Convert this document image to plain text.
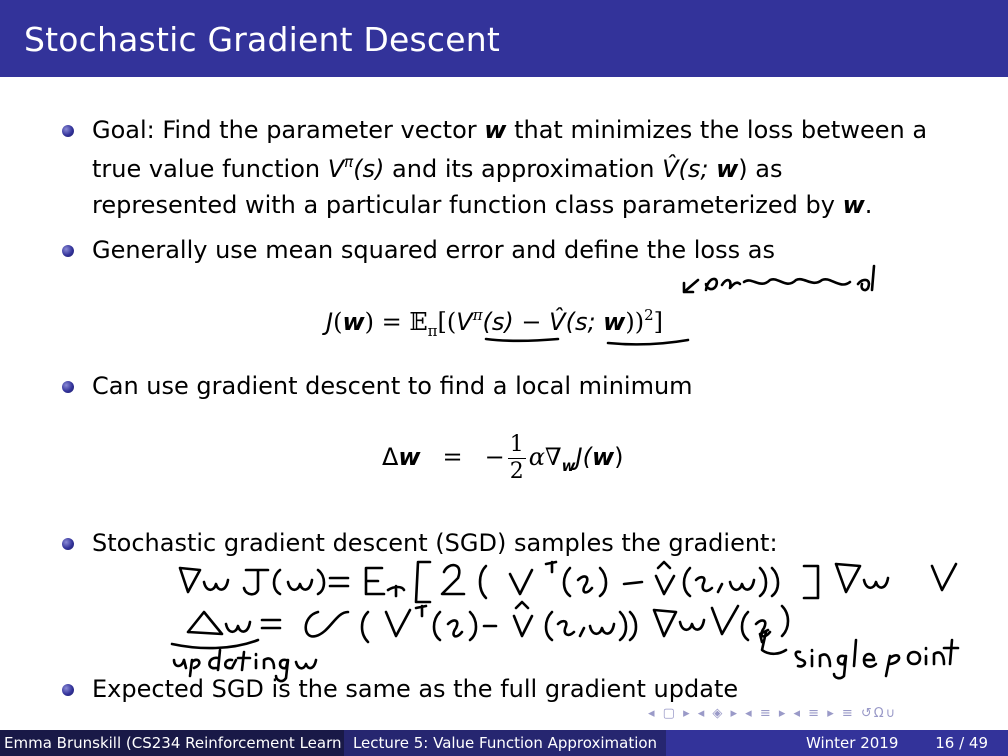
Stochastic Gradient Descent
Goal: Find the parameter vector w that minimizes the loss between a
true value function $V^\pi(s)$ and its approximation V̂(s; w) as
represented with a particular function class parameterized by w.
Generally use mean squared error and define the loss as
$J(w) = 𝔼_\pi[(V^\pi(s)$ − V̂(s; w))$^2$]
Can use gradient descent to find a local minimum
Δw = − $\frac{1}{2} \alpha\nabla_wJ(w)$
Stochastic gradient descent (SGD) samples the gradient:
Expected SGD is the same as the full gradient update
◂ ▢ ▸ ◂ ◈ ▸ ◂ ≡ ▸ ◂ ≡ ▸ ≡ ↺Ω∪
Emma Brunskill (CS234 Reinforcement Learn Lecture 5: Value Function Approximation	Winter 2019 16 / 49
